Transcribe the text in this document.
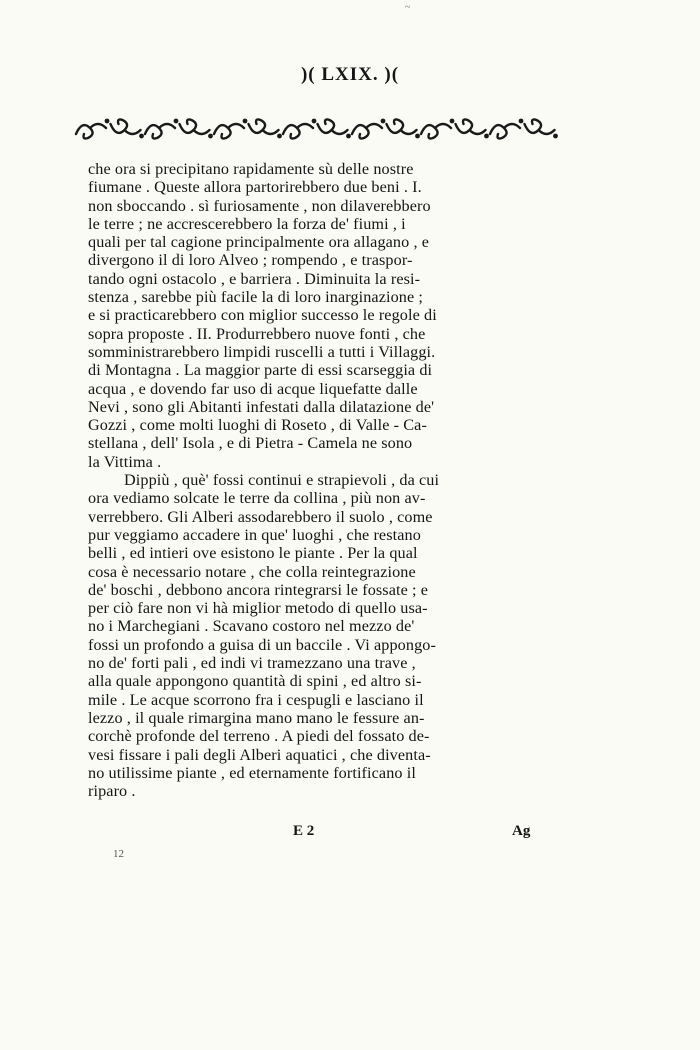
~
)( LXIX. )(
che ora si precipitano rapidamente sù delle nostre
fiumane . Queste allora partorirebbero due beni . I.
non sboccando . sì furiosamente , non dilaverebbero
le terre ; ne accrescerebbero la forza de' fiumi , i
quali per tal cagione principalmente ora allagano , e
divergono il di loro Alveo ; rompendo , e traspor-
tando ogni ostacolo , e barriera . Diminuita la resi-
stenza , sarebbe più facile la di loro inarginazione ;
e si practicarebbero con miglior successo le regole di
sopra proposte . II. Produrrebbero nuove fonti , che
somministrarebbero limpidi ruscelli a tutti i Villaggi.
di Montagna . La maggior parte di essi scarseggia di
acqua , e dovendo far uso di acque liquefatte dalle
Nevi , sono gli Abitanti infestati dalla dilatazione de'
Gozzi , come molti luoghi di Roseto , di Valle - Ca-
stellana , dell' Isola , e di Pietra - Camela ne sono
la Vittima .
Dippiù , què' fossi continui e strapievoli , da cui
ora vediamo solcate le terre da collina , più non av-
verrebbero. Gli Alberi assodarebbero il suolo , come
pur veggiamo accadere in que' luoghi , che restano
belli , ed intieri ove esistono le piante . Per la qual
cosa è necessario notare , che colla reintegrazione
de' boschi , debbono ancora rintegrarsi le fossate ; e
per ciò fare non vi hà miglior metodo di quello usa-
no i Marchegiani . Scavano costoro nel mezzo de'
fossi un profondo a guisa di un baccile . Vi appongo-
no de' forti pali , ed indi vi tramezzano una trave ,
alla quale appongono quantità di spini , ed altro si-
mile . Le acque scorrono fra i cespugli e lasciano il
lezzo , il quale rimargina mano mano le fessure an-
corchè profonde del terreno . A piedi del fossato de-
vesi fissare i pali degli Alberi aquatici , che diventa-
no utilissime piante , ed eternamente fortificano il
riparo .
E 2	Ag
12
